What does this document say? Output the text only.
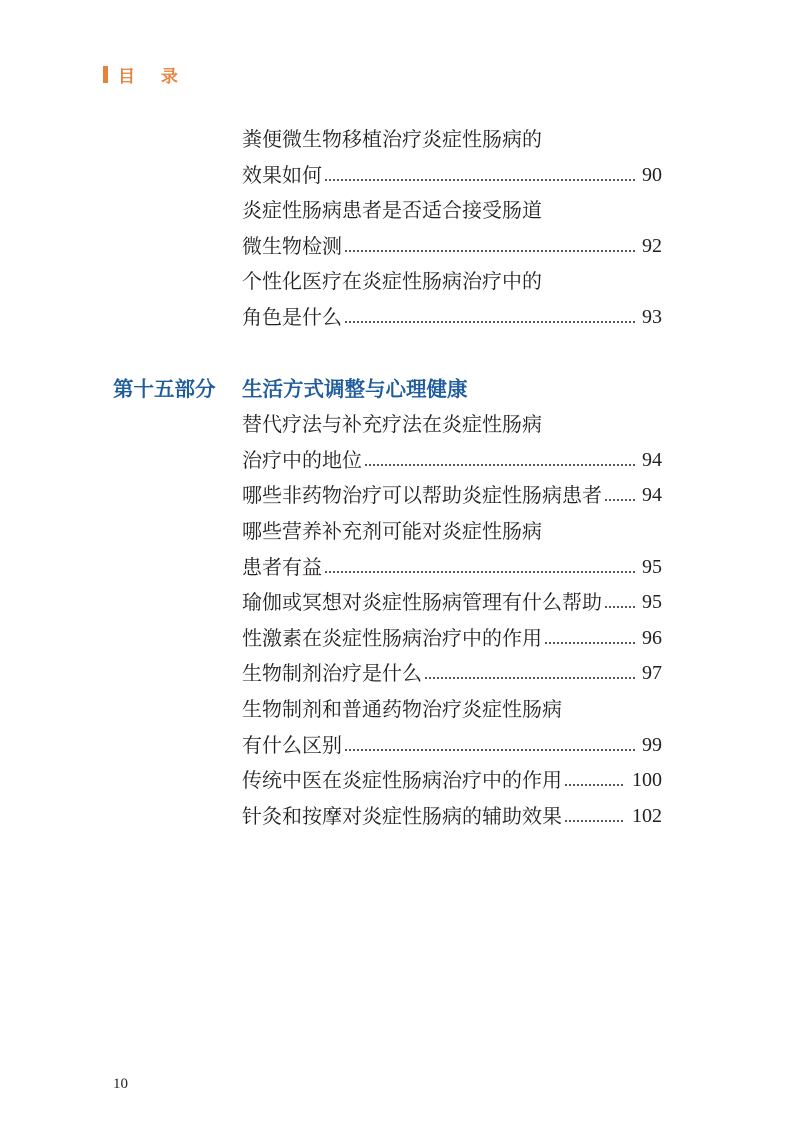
目 录
粪便微生物移植治疗炎症性肠病的
效果如何	90
炎症性肠病患者是否适合接受肠道
微生物检测	92
个性化医疗在炎症性肠病治疗中的
角色是什么	93
第十五部分 生活方式调整与心理健康
替代疗法与补充疗法在炎症性肠病
治疗中的地位	94
哪些非药物治疗可以帮助炎症性肠病患者 94
哪些营养补充剂可能对炎症性肠病
患者有益	95
瑜伽或冥想对炎症性肠病管理有什么帮助 95
性激素在炎症性肠病治疗中的作用	96
生物制剂治疗是什么	97
生物制剂和普通药物治疗炎症性肠病
有什么区别	99
传统中医在炎症性肠病治疗中的作用	100
针灸和按摩对炎症性肠病的辅助效果	102
10
